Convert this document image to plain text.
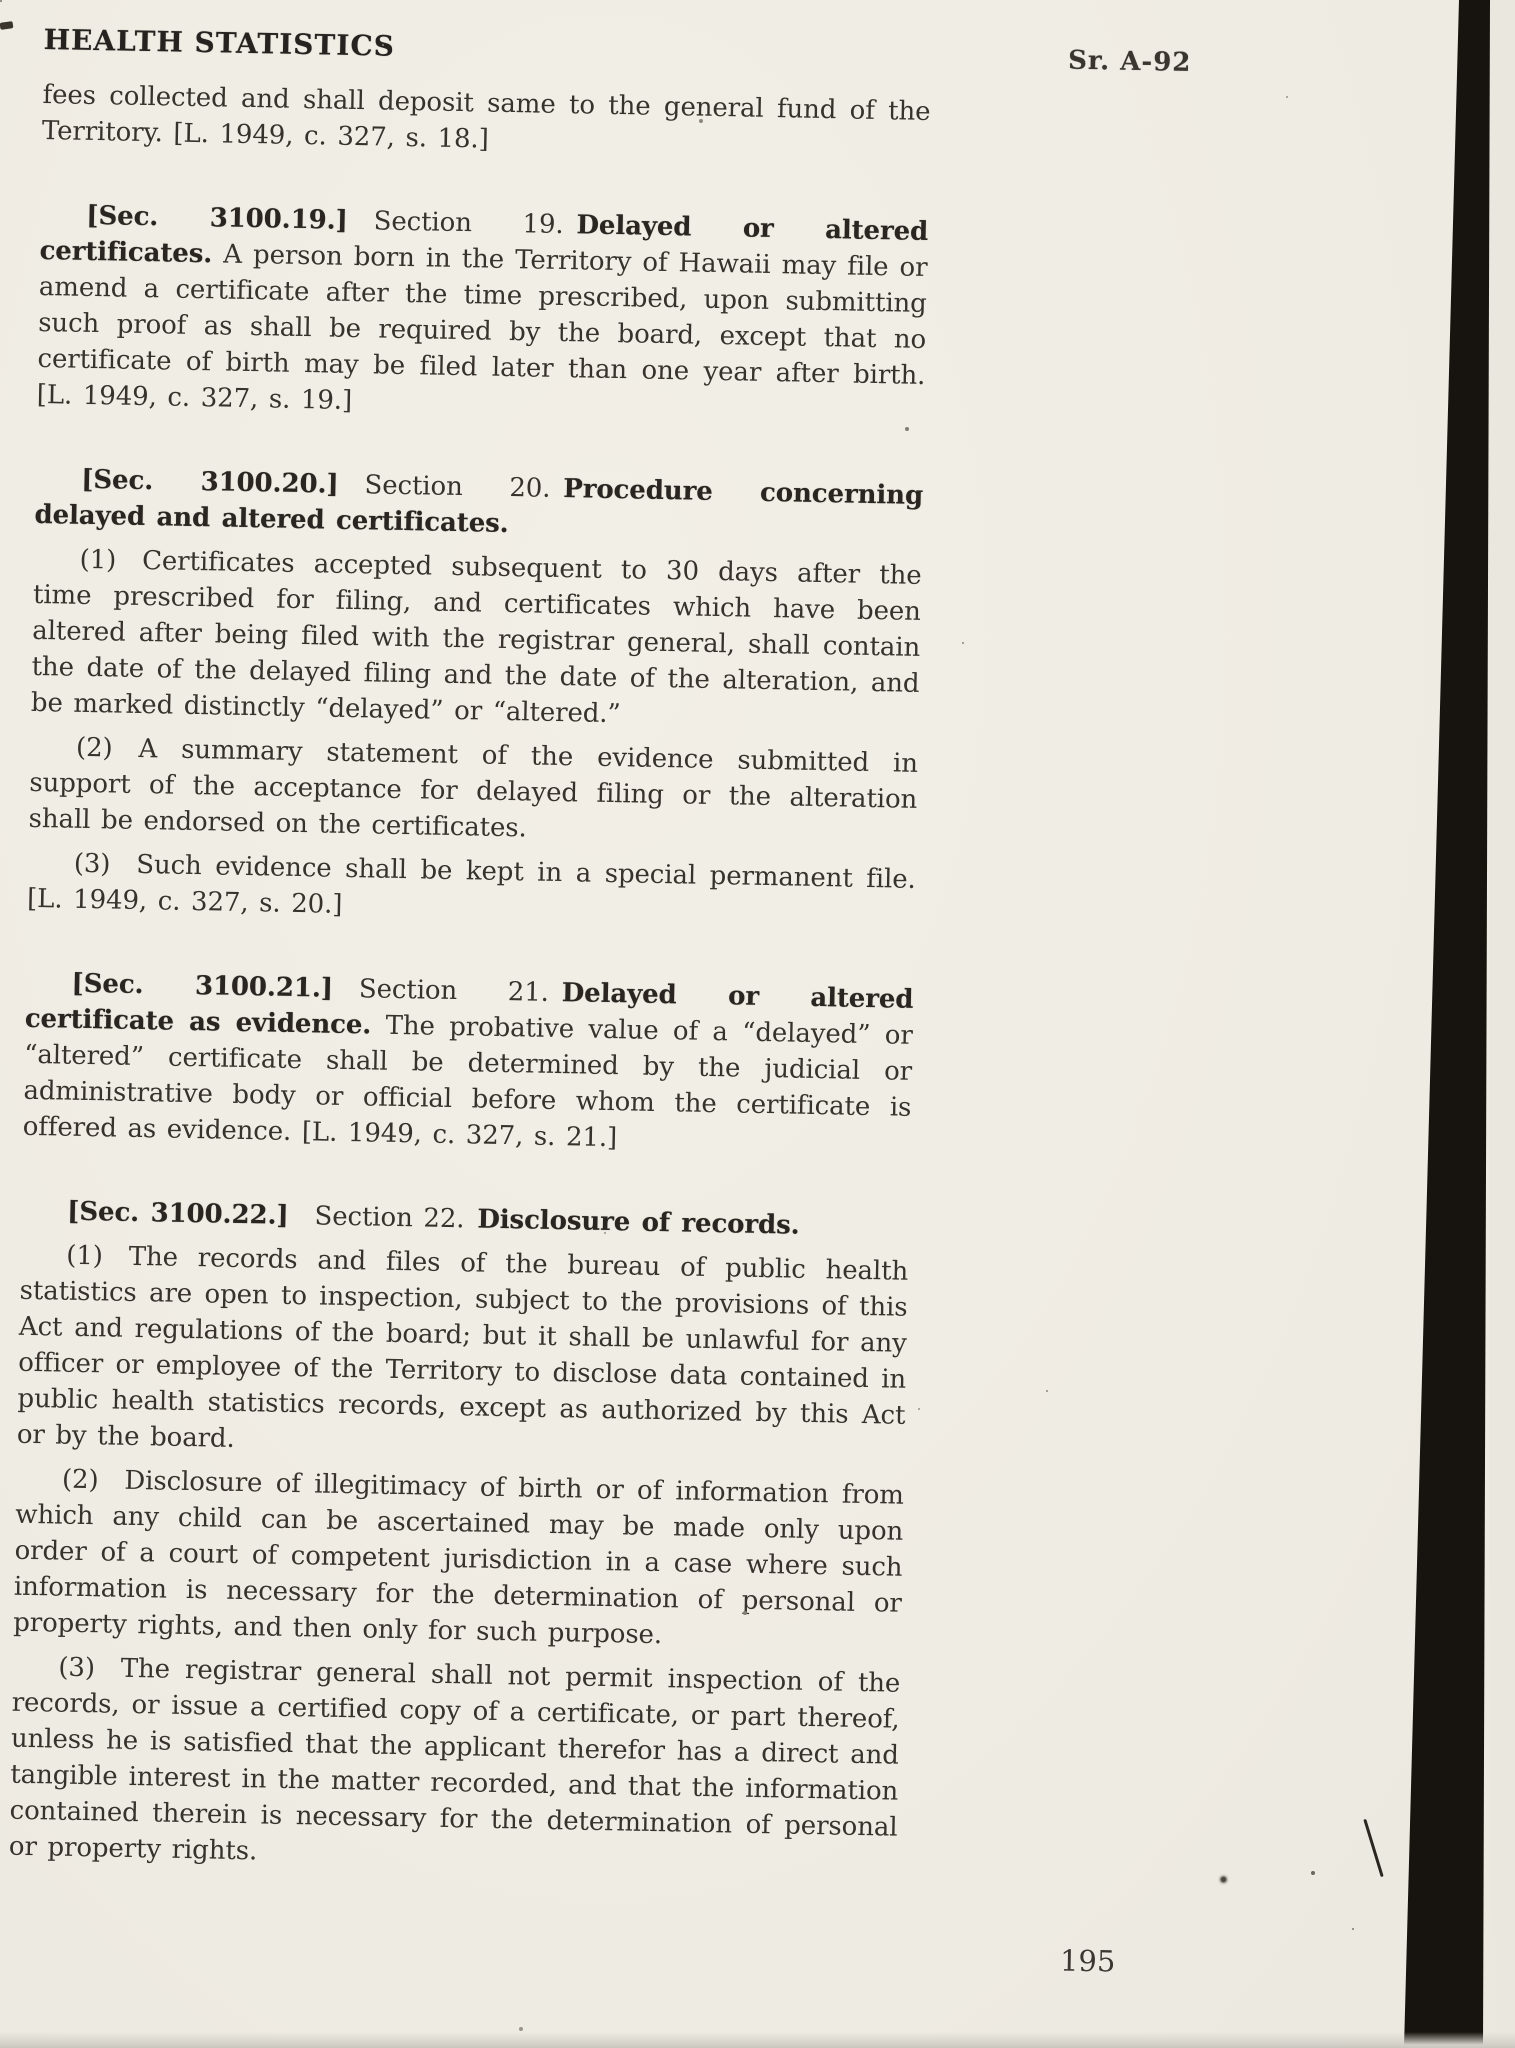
HEALTH STATISTICS	Sr. A-92

fees collected and shall deposit same to the general fund of the Territory. [L. 1949, c. 327, s. 18.]

[Sec. 3100.19.] Section 19. Delayed or altered certificates. A person born in the Territory of Hawaii may file or amend a certificate after the time prescribed, upon submitting such proof as shall be required by the board, except that no certificate of birth may be filed later than one year after birth. [L. 1949, c. 327, s. 19.]

[Sec. 3100.20.] Section 20. Procedure concerning delayed and altered certificates.

(1) Certificates accepted subsequent to 30 days after the time prescribed for filing, and certificates which have been altered after being filed with the registrar general, shall contain the date of the delayed filing and the date of the alteration, and be marked distinctly “delayed” or “altered.”

(2) A summary statement of the evidence submitted in support of the acceptance for delayed filing or the alteration shall be endorsed on the certificates.

(3) Such evidence shall be kept in a special permanent file. [L. 1949, c. 327, s. 20.]

[Sec. 3100.21.] Section 21. Delayed or altered certificate as evidence. The probative value of a “delayed” or “altered” certificate shall be determined by the judicial or administrative body or official before whom the certificate is offered as evidence. [L. 1949, c. 327, s. 21.]

[Sec. 3100.22.] Section 22. Disclosure of records.

(1) The records and files of the bureau of public health statistics are open to inspection, subject to the provisions of this Act and regulations of the board; but it shall be unlawful for any officer or employee of the Territory to disclose data contained in public health statistics records, except as authorized by this Act or by the board.

(2) Disclosure of illegitimacy of birth or of information from which any child can be ascertained may be made only upon order of a court of competent jurisdiction in a case where such information is necessary for the determination of personal or property rights, and then only for such purpose.

(3) The registrar general shall not permit inspection of the records, or issue a certified copy of a certificate, or part thereof, unless he is satisfied that the applicant therefor has a direct and tangible interest in the matter recorded, and that the information contained therein is necessary for the determination of personal or property rights.

195
